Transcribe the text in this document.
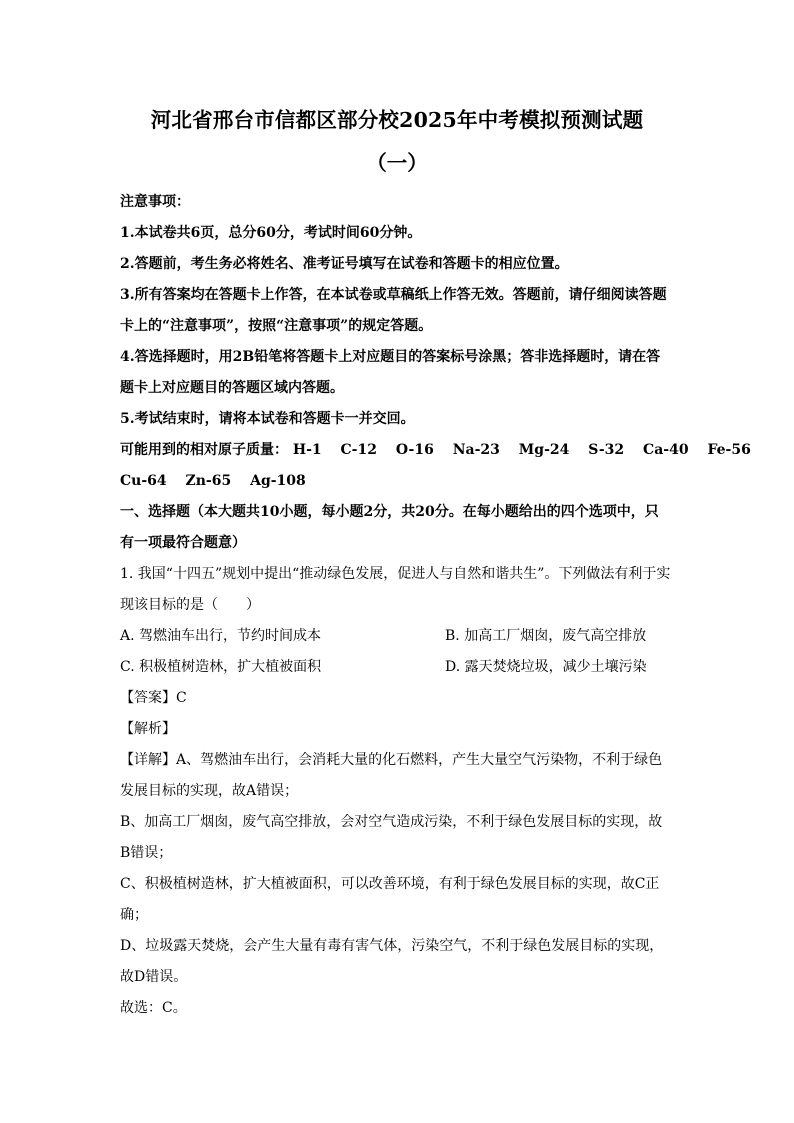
河北省邢台市信都区部分校2025年中考模拟预测试题
（一）
注意事项：
1.本试卷共6页，总分60分，考试时间60分钟。
2.答题前，考生务必将姓名、准考证号填写在试卷和答题卡的相应位置。
3.所有答案均在答题卡上作答，在本试卷或草稿纸上作答无效。答题前，请仔细阅读答题
卡上的“注意事项”，按照“注意事项”的规定答题。
4.答选择题时，用2B铅笔将答题卡上对应题目的答案标号涂黑；答非选择题时，请在答
题卡上对应题目的答题区域内答题。
5.考试结束时，请将本试卷和答题卡一并交回。
可能用到的相对原子质量： H-1 C-12 O-16 Na-23 Mg-24 S-32 Ca-40 Fe-56
Cu-64 Zn-65 Ag-108
一、选择题（本大题共10小题，每小题2分，共20分。在每小题给出的四个选项中，只
有一项最符合题意）
1. 我国“十四五”规划中提出“推动绿色发展，促进人与自然和谐共生”。下列做法有利于实
现该目标的是（　　）
A. 驾燃油车出行，节约时间成本	B. 加高工厂烟囱，废气高空排放
C. 积极植树造林，扩大植被面积	D. 露天焚烧垃圾，减少土壤污染
【答案】C
【解析】
【详解】A、驾燃油车出行，会消耗大量的化石燃料，产生大量空气污染物，不利于绿色
发展目标的实现，故A错误；
B、加高工厂烟囱，废气高空排放，会对空气造成污染，不利于绿色发展目标的实现，故
B错误；
C、积极植树造林，扩大植被面积，可以改善环境，有利于绿色发展目标的实现，故C正
确；
D、垃圾露天焚烧，会产生大量有毒有害气体，污染空气，不利于绿色发展目标的实现，
故D错误。
故选：C。
